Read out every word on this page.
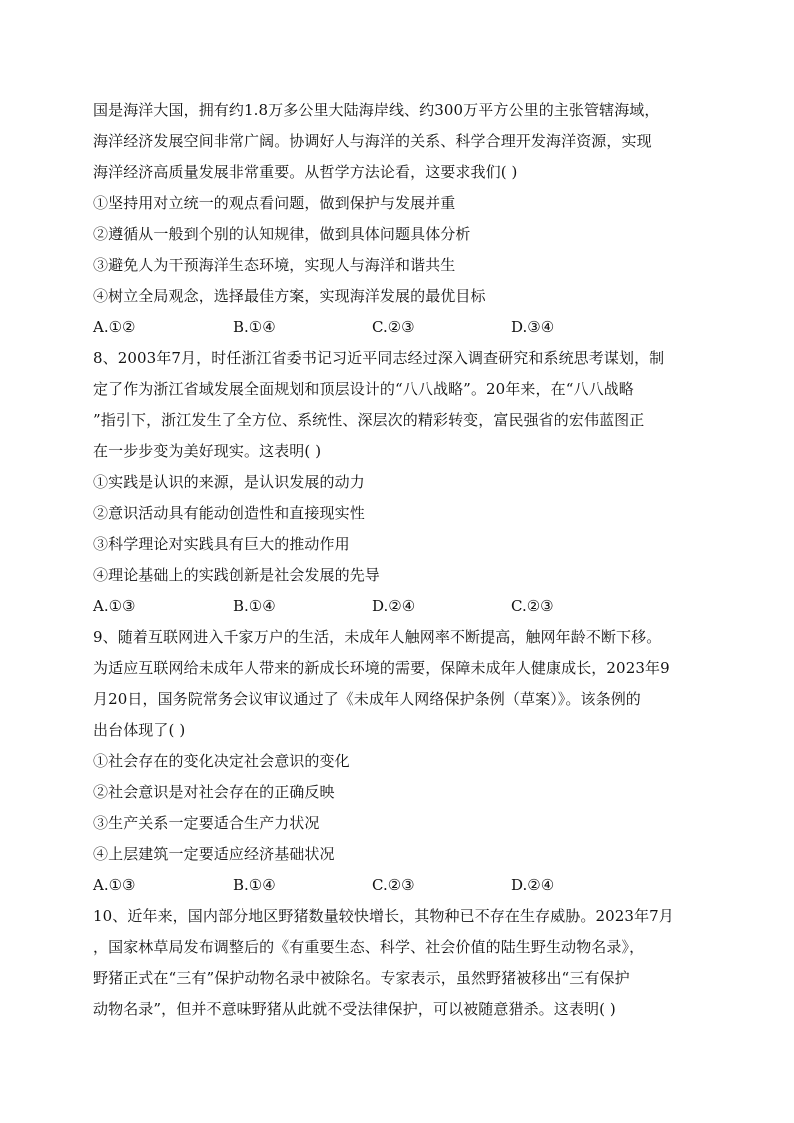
国是海洋大国，拥有约1.8万多公里大陆海岸线、约300万平方公里的主张管辖海域，
海洋经济发展空间非常广阔。协调好人与海洋的关系、科学合理开发海洋资源，实现
海洋经济高质量发展非常重要。从哲学方法论看，这要求我们( )
①坚持用对立统一的观点看问题，做到保护与发展并重
②遵循从一般到个别的认知规律，做到具体问题具体分析
③避免人为干预海洋生态环境，实现人与海洋和谐共生
④树立全局观念，选择最佳方案，实现海洋发展的最优目标
A.①②	B.①④	C.②③	D.③④
8、2003年7月，时任浙江省委书记习近平同志经过深入调查研究和系统思考谋划，制
定了作为浙江省域发展全面规划和顶层设计的“八八战略”。20年来，在“八八战略
”指引下，浙江发生了全方位、系统性、深层次的精彩转变，富民强省的宏伟蓝图正
在一步步变为美好现实。这表明( )
①实践是认识的来源，是认识发展的动力
②意识活动具有能动创造性和直接现实性
③科学理论对实践具有巨大的推动作用
④理论基础上的实践创新是社会发展的先导
A.①③	B.①④	D.②④	C.②③
9、随着互联网进入千家万户的生活，未成年人触网率不断提高，触网年龄不断下移。
为适应互联网给未成年人带来的新成长环境的需要，保障未成年人健康成长，2023年9
月20日，国务院常务会议审议通过了《未成年人网络保护条例（草案）》。该条例的
出台体现了( )
①社会存在的变化决定社会意识的变化
②社会意识是对社会存在的正确反映
③生产关系一定要适合生产力状况
④上层建筑一定要适应经济基础状况
A.①③	B.①④	C.②③	D.②④
10、近年来，国内部分地区野猪数量较快增长，其物种已不存在生存威胁。2023年7月
，国家林草局发布调整后的《有重要生态、科学、社会价值的陆生野生动物名录》，
野猪正式在“三有”保护动物名录中被除名。专家表示，虽然野猪被移出“三有保护
动物名录”，但并不意味野猪从此就不受法律保护，可以被随意猎杀。这表明( )
